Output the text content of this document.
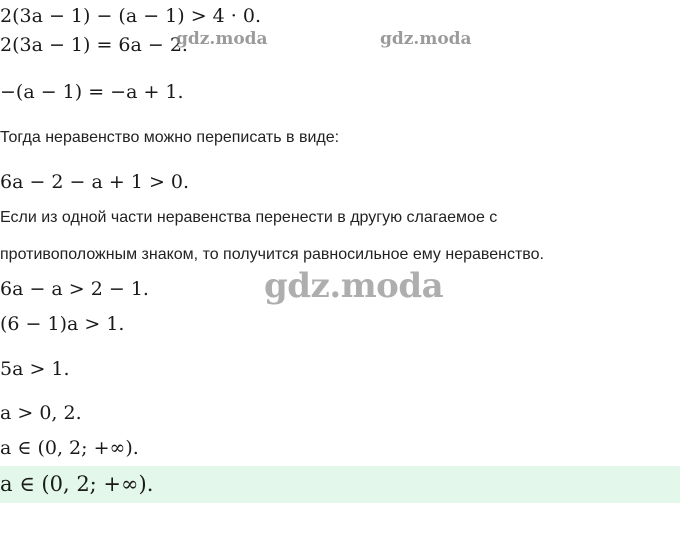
2(3a − 1) − (a − 1) > 4 · 0.
2(3a − 1) = 6a − 2.
−(a − 1) = −a + 1.
Тогда неравенство можно переписать в виде:
6a − 2 − a + 1 > 0.
Если из одной части неравенства перенести в другую слагаемое с
противоположным знаком, то получится равносильное ему неравенство.
6a − a > 2 − 1.
(6 − 1)a > 1.
5a > 1.
a > 0, 2.
a ∈ (0, 2; +∞).
a ∈ (0, 2; +∞).
gdz.moda	gdz.moda
gdz.moda
